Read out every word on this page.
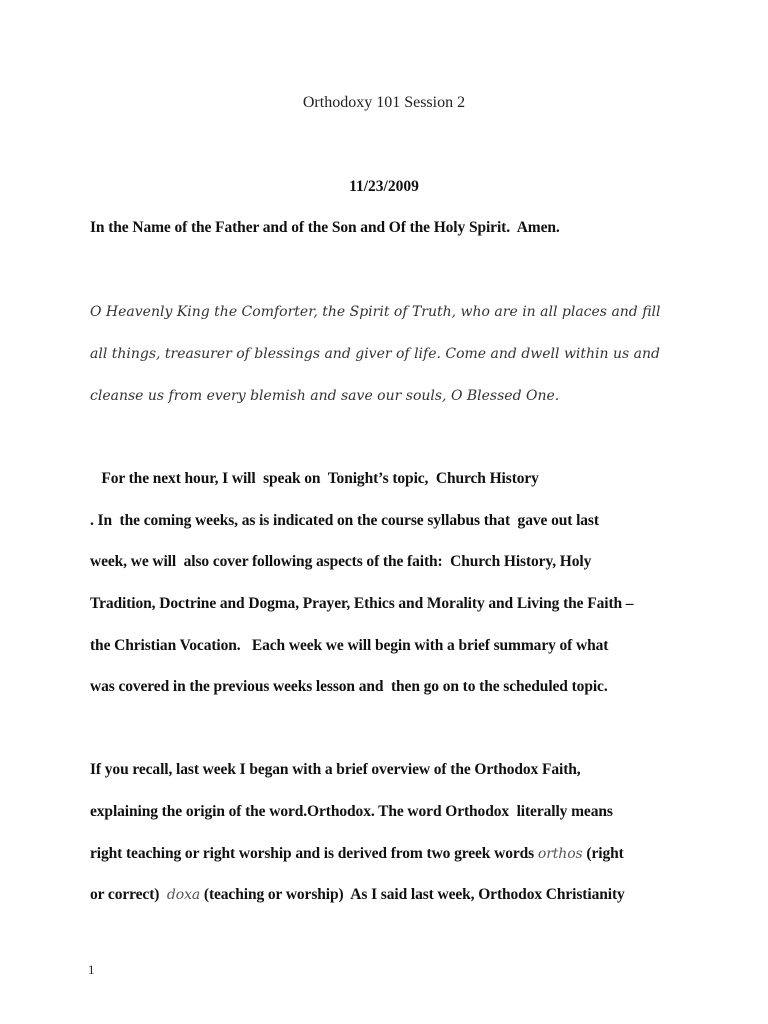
Orthodoxy 101 Session 2
11/23/2009
In the Name of the Father and of the Son and Of the Holy Spirit.  Amen.
O Heavenly King the Comforter, the Spirit of Truth, who are in all places and fill
all things, treasurer of blessings and giver of life. Come and dwell within us and
cleanse us from every blemish and save our souls, O Blessed One.
For the next hour, I will  speak on  Tonight’s topic,  Church History
. In  the coming weeks, as is indicated on the course syllabus that  gave out last
week, we will  also cover following aspects of the faith:  Church History, Holy
Tradition, Doctrine and Dogma, Prayer, Ethics and Morality and Living the Faith –
the Christian Vocation.   Each week we will begin with a brief summary of what
was covered in the previous weeks lesson and  then go on to the scheduled topic.
If you recall, last week I began with a brief overview of the Orthodox Faith,
explaining the origin of the word.Orthodox. The word Orthodox  literally means
right teaching or right worship and is derived from two greek words orthos (right
or correct)  doxa (teaching or worship)  As I said last week, Orthodox Christianity
1
